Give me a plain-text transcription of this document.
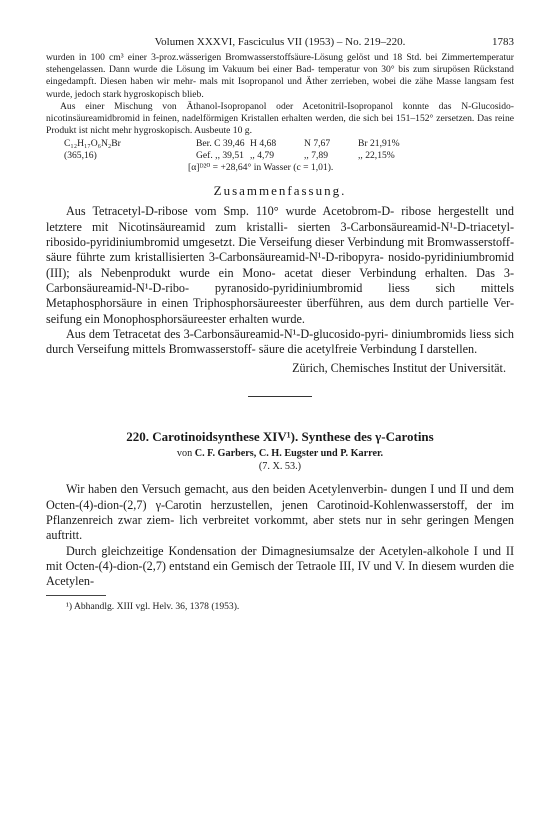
Volumen XXXVI, Fasciculus VII (1953) – No. 219–220.	1783

wurden in 100 cm³ einer 3-proz.wässerigen Bromwasserstoffsäure-Lösung gelöst und 18 Std. bei Zimmertemperatur stehengelassen. Dann wurde die Lösung im Vakuum bei einer Bad- temperatur von 30° bis zum sirupösen Rückstand eingedampft. Diesen haben wir mehr- mals mit Isopropanol und Äther zerrieben, wobei die zähe Masse langsam fest wurde, jedoch stark hygroskopisch blieb.

Aus einer Mischung von Äthanol-Isopropanol oder Acetonitril-Isopropanol konnte das N-Glucosido-nicotinsäureamidbromid in feinen, nadelförmigen Kristallen erhalten werden, die sich bei 151–152° zersetzen. Das reine Produkt ist nicht mehr hygroskopisch. Ausbeute 10 g.

C₁₂H₁₇O₆N₂Br	Ber. C 39,46 H 4,68	N 7,67	Br 21,91%
(365,16)	Gef. ,, 39,51 ,, 4,79	,, 7,89	,, 22,15%
[α]ᴰ²⁰ = +28,64° in Wasser (c = 1,01).
Zusammenfassung.

Aus Tetracetyl-D-ribose vom Smp. 110° wurde Acetobrom-D- ribose hergestellt und letztere mit Nicotinsäureamid zum kristalli- sierten 3-Carbonsäureamid-N¹-D-triacetyl-ribosido-pyridiniumbromid umgesetzt. Die Verseifung dieser Verbindung mit Bromwasserstoff- säure führte zum kristallisierten 3-Carbonsäureamid-N¹-D-ribopyra- nosido-pyridiniumbromid (III); als Nebenprodukt wurde ein Mono- acetat dieser Verbindung erhalten. Das 3-Carbonsäureamid-N¹-D-ribo- pyranosido-pyridiniumbromid liess sich mittels Metaphosphorsäure in einen Triphosphorsäureester überführen, aus dem durch partielle Ver- seifung ein Monophosphorsäureester erhalten wurde.

Aus dem Tetracetat des 3-Carbonsäureamid-N¹-D-glucosido-pyri- diniumbromids liess sich durch Verseifung mittels Bromwasserstoff- säure die acetylfreie Verbindung I darstellen.

Zürich, Chemisches Institut der Universität.
220. Carotinoidsynthese XIV¹). Synthese des γ-Carotins
von C. F. Garbers, C. H. Eugster und P. Karrer.
(7. X. 53.)

Wir haben den Versuch gemacht, aus den beiden Acetylenverbin- dungen I und II und dem Octen-(4)-dion-(2,7) γ-Carotin herzustellen, jenen Carotinoid-Kohlenwasserstoff, der im Pflanzenreich zwar ziem- lich verbreitet vorkommt, aber stets nur in sehr geringen Mengen auftritt.

Durch gleichzeitige Kondensation der Dimagnesiumsalze der Acetylen-alkohole I und II mit Octen-(4)-dion-(2,7) entstand ein Gemisch der Tetraole III, IV und V. In diesem wurden die Acetylen-

¹) Abhandlg. XIII vgl. Helv. 36, 1378 (1953).
